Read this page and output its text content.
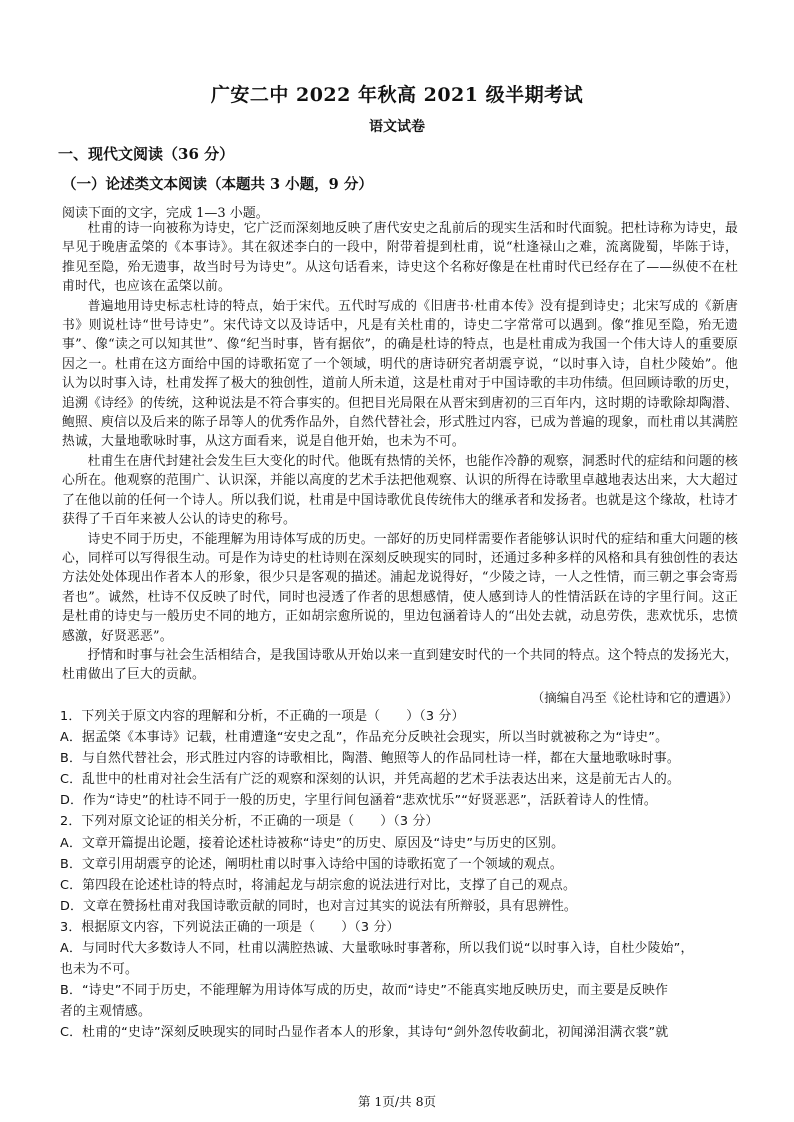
广安二中 2022 年秋高 2021 级半期考试
语文试卷
一、现代文阅读（36 分）
（一）论述类文本阅读（本题共 3 小题，9 分）
阅读下面的文字，完成 1—3 小题。

杜甫的诗一向被称为诗史，它广泛而深刻地反映了唐代安史之乱前后的现实生活和时代面貌。把杜诗称为诗史，最早见于晚唐孟棨的《本事诗》。其在叙述李白的一段中，附带着提到杜甫，说“杜逢禄山之难，流离陇蜀，毕陈于诗，推见至隐，殆无遗事，故当时号为诗史”。从这句话看来，诗史这个名称好像是在杜甫时代已经存在了——纵使不在杜甫时代，也应该在孟棨以前。

普遍地用诗史标志杜诗的特点，始于宋代。五代时写成的《旧唐书·杜甫本传》没有提到诗史；北宋写成的《新唐书》则说杜诗“世号诗史”。宋代诗文以及诗话中，凡是有关杜甫的，诗史二字常常可以遇到。像“推见至隐，殆无遗事”、像“读之可以知其世”、像“纪当时事，皆有据依”，的确是杜诗的特点，也是杜甫成为我国一个伟大诗人的重要原因之一。杜甫在这方面给中国的诗歌拓宽了一个领域，明代的唐诗研究者胡震亨说，“以时事入诗，自杜少陵始”。他认为以时事入诗，杜甫发挥了极大的独创性，道前人所未道，这是杜甫对于中国诗歌的丰功伟绩。但回顾诗歌的历史，追溯《诗经》的传统，这种说法是不符合事实的。但把目光局限在从晋宋到唐初的三百年内，这时期的诗歌除却陶潜、鲍照、庾信以及后来的陈子昂等人的优秀作品外，自然代替社会，形式胜过内容，已成为普遍的现象，而杜甫以其满腔热诚，大量地歌咏时事，从这方面看来，说是自他开始，也未为不可。

杜甫生在唐代封建社会发生巨大变化的时代。他既有热情的关怀，也能作冷静的观察，洞悉时代的症结和问题的核心所在。他观察的范围广、认识深，并能以高度的艺术手法把他观察、认识的所得在诗歌里卓越地表达出来，大大超过了在他以前的任何一个诗人。所以我们说，杜甫是中国诗歌优良传统伟大的继承者和发扬者。也就是这个缘故，杜诗才获得了千百年来被人公认的诗史的称号。

诗史不同于历史，不能理解为用诗体写成的历史。一部好的历史同样需要作者能够认识时代的症结和重大问题的核心，同样可以写得很生动。可是作为诗史的杜诗则在深刻反映现实的同时，还通过多种多样的风格和具有独创性的表达方法处处体现出作者本人的形象，很少只是客观的描述。浦起龙说得好，“少陵之诗，一人之性情，而三朝之事会寄焉者也”。诚然，杜诗不仅反映了时代，同时也浸透了作者的思想感情，使人感到诗人的性情活跃在诗的字里行间。这正是杜甫的诗史与一般历史不同的地方，正如胡宗愈所说的，里边包涵着诗人的“出处去就，动息劳佚，悲欢忧乐，忠愤感激，好贤恶恶”。

抒情和时事与社会生活相结合，是我国诗歌从开始以来一直到建安时代的一个共同的特点。这个特点的发扬光大，杜甫做出了巨大的贡献。

（摘编自冯至《论杜诗和它的遭遇》）

1．下列关于原文内容的理解和分析，不正确的一项是（　　）（3 分）

A．据孟棨《本事诗》记载，杜甫遭逢“安史之乱”，作品充分反映社会现实，所以当时就被称之为“诗史”。

B．与自然代替社会，形式胜过内容的诗歌相比，陶潜、鲍照等人的作品同杜诗一样，都在大量地歌咏时事。

C．乱世中的杜甫对社会生活有广泛的观察和深刻的认识，并凭高超的艺术手法表达出来，这是前无古人的。

D．作为“诗史”的杜诗不同于一般的历史，字里行间包涵着“悲欢忧乐”“好贤恶恶”，活跃着诗人的性情。

2．下列对原文论证的相关分析，不正确的一项是（　　）（3 分）

A．文章开篇提出论题，接着论述杜诗被称“诗史”的历史、原因及“诗史”与历史的区别。

B．文章引用胡震亨的论述，阐明杜甫以时事入诗给中国的诗歌拓宽了一个领域的观点。

C．第四段在论述杜诗的特点时，将浦起龙与胡宗愈的说法进行对比，支撑了自己的观点。

D．文章在赞扬杜甫对我国诗歌贡献的同时，也对言过其实的说法有所辩驳，具有思辨性。

3．根据原文内容，下列说法正确的一项是（　　）（3 分）

A．与同时代大多数诗人不同，杜甫以满腔热诚、大量歌咏时事著称，所以我们说“以时事入诗，自杜少陵始”，

也未为不可。

B．“诗史”不同于历史，不能理解为用诗体写成的历史，故而“诗史”不能真实地反映历史，而主要是反映作

者的主观情感。

C．杜甫的“史诗”深刻反映现实的同时凸显作者本人的形象，其诗句“剑外忽传收蓟北，初闻涕泪满衣裳”就

第 1页/共 8页
